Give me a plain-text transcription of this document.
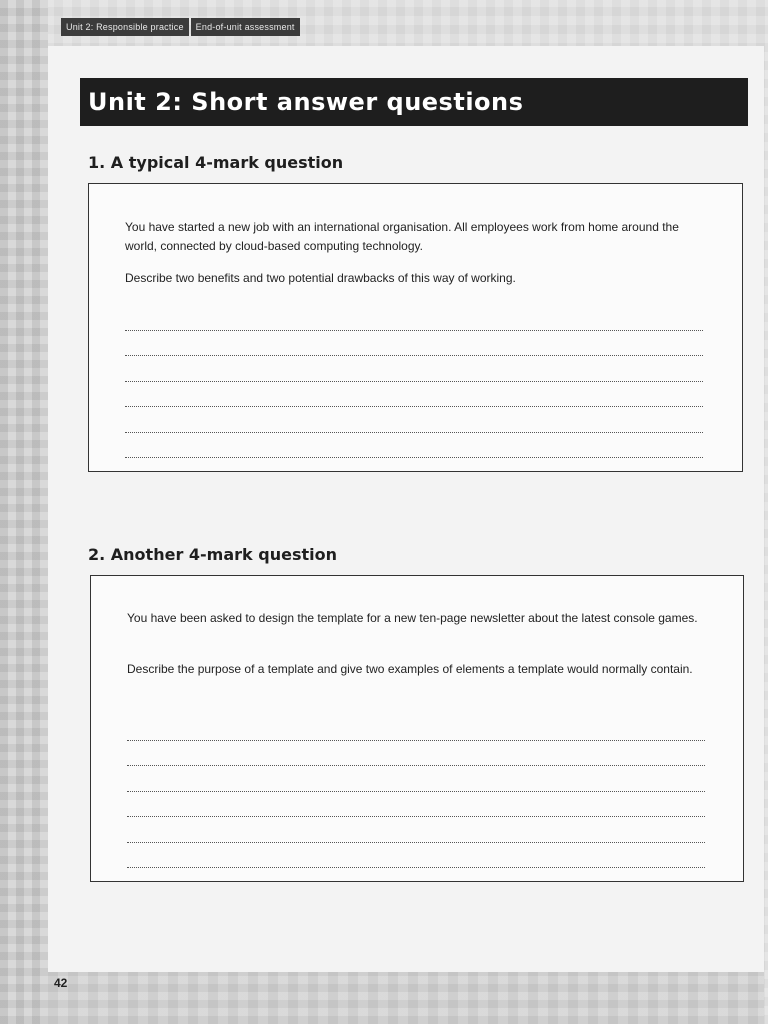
Unit 2: Responsible practice	End-of-unit assessment
Unit 2: Short answer questions
1. A typical 4-mark question
You have started a new job with an international organisation. All employees work from home around the world, connected by cloud-based computing technology.
Describe two benefits and two potential drawbacks of this way of working.
2. Another 4-mark question
You have been asked to design the template for a new ten-page newsletter about the latest console games.
Describe the purpose of a template and give two examples of elements a template would normally contain.
42
